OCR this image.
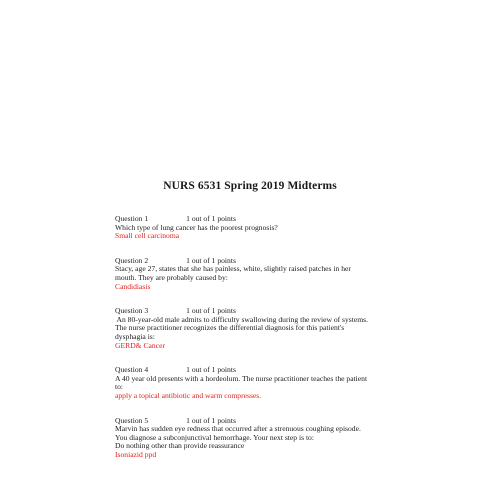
NURS 6531 Spring 2019 Midterms
Question 1	1 out of 1 points
Which type of lung cancer has the poorest prognosis?
Small cell carcinoma
Question 2	1 out of 1 points
Stacy, age 27, states that she has painless, white, slightly raised patches in her
mouth. They are probably caused by:
Candidiasis
Question 3	1 out of 1 points
An 80-year-old male admits to difficulty swallowing during the review of systems.
The nurse practitioner recognizes the differential diagnosis for this patient's
dysphagia is:
GERD& Cancer
Question 4	1 out of 1 points
A 40 year old presents with a hordeolum. The nurse practitioner teaches the patient
to:
apply a topical antibiotic and warm compresses.
Question 5	1 out of 1 points
Marvin has sudden eye redness that occurred after a strenuous coughing episode.
You diagnose a subconjunctival hemorrhage. Your next step is to:
Do nothing other than provide reassurance
Isoniazid ppd
